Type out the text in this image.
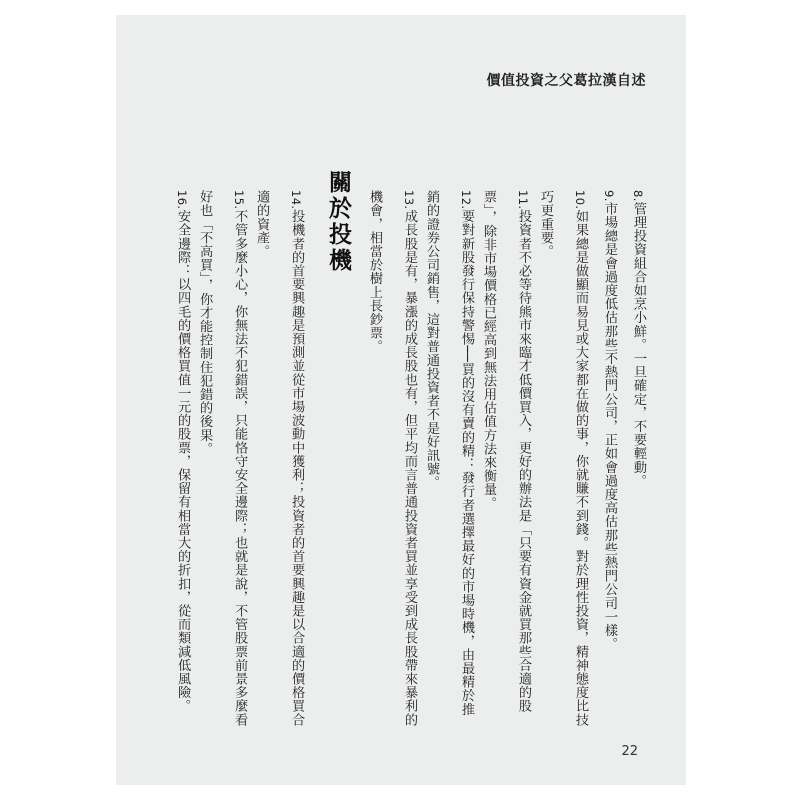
價值投資之父葛拉漢自述
8.管理投資組合如烹小鮮。一旦確定，不要輕動。
9.市場總是會過度低估那些不熱門公司，正如會過度高估那些熱門公司一樣。
10.如果總是做顯而易見或大家都在做的事，你就賺不到錢。對於理性投資，精神態度比技
巧更重要。
11.投資者不必等待熊市來臨才低價買入，更好的辦法是「只要有資金就買那些合適的股
票」，除非市場價格已經高到無法用估值方法來衡量。
12.要對新股發行保持警惕──買的沒有賣的精：發行者選擇最好的市場時機，由最精於推
銷的證券公司銷售，這對普通投資者不是好訊號。
13.成長股是有，暴漲的成長股也有，但平均而言普通投資者買並享受到成長股帶來暴利的
機會，相當於樹上長鈔票。
關於投機
14.投機者的首要興趣是預測並從市場波動中獲利；投資者的首要興趣是以合適的價格買合
適的資產。
15.不管多麼小心，你無法不犯錯誤，只能恪守安全邊際；也就是說，不管股票前景多麼看
好也「不高買」，你才能控制住犯錯的後果。
16.安全邊際：以四毛的價格買值一元的股票，保留有相當大的折扣，從而類減低風險。
22
